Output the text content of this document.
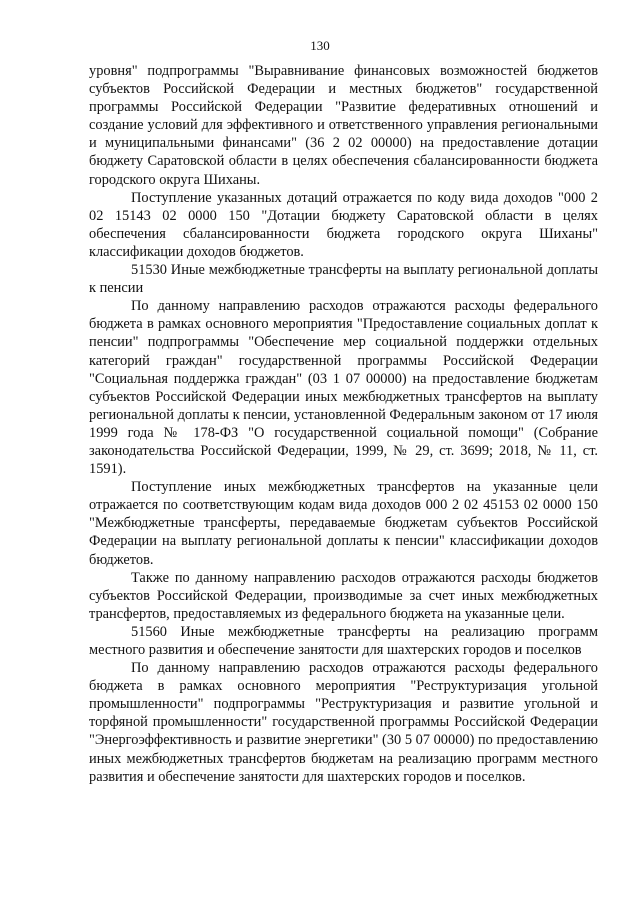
130

уровня" подпрограммы "Выравнивание финансовых возможностей бюджетов субъектов Российской Федерации и местных бюджетов" государственной программы Российской Федерации "Развитие федеративных отношений и создание условий для эффективного и ответственного управления региональными и муниципальными финансами" (36 2 02 00000) на предоставление дотации бюджету Саратовской области в целях обеспечения сбалансированности бюджета городского округа Шиханы.

Поступление указанных дотаций отражается по коду вида доходов "000 2 02 15143 02 0000 150 "Дотации бюджету Саратовской области в целях обеспечения сбалансированности бюджета городского округа Шиханы" классификации доходов бюджетов.

51530 Иные межбюджетные трансферты на выплату региональной доплаты к пенсии

По данному направлению расходов отражаются расходы федерального бюджета в рамках основного мероприятия "Предоставление социальных доплат к пенсии" подпрограммы "Обеспечение мер социальной поддержки отдельных категорий граждан" государственной программы Российской Федерации "Социальная поддержка граждан" (03 1 07 00000) на предоставление бюджетам субъектов Российской Федерации иных межбюджетных трансфертов на выплату региональной доплаты к пенсии, установленной Федеральным законом от 17 июля 1999 года № 178-ФЗ "О государственной социальной помощи" (Собрание законодательства Российской Федерации, 1999, № 29, ст. 3699; 2018, № 11, ст. 1591).

Поступление иных межбюджетных трансфертов на указанные цели отражается по соответствующим кодам вида доходов 000 2 02 45153 02 0000 150 "Межбюджетные трансферты, передаваемые бюджетам субъектов Российской Федерации на выплату региональной доплаты к пенсии" классификации доходов бюджетов.

Также по данному направлению расходов отражаются расходы бюджетов субъектов Российской Федерации, производимые за счет иных межбюджетных трансфертов, предоставляемых из федерального бюджета на указанные цели.

51560 Иные межбюджетные трансферты на реализацию программ местного развития и обеспечение занятости для шахтерских городов и поселков

По данному направлению расходов отражаются расходы федерального бюджета в рамках основного мероприятия "Реструктуризация угольной промышленности" подпрограммы "Реструктуризация и развитие угольной и торфяной промышленности" государственной программы Российской Федерации "Энергоэффективность и развитие энергетики" (30 5 07 00000) по предоставлению иных межбюджетных трансфертов бюджетам на реализацию программ местного развития и обеспечение занятости для шахтерских городов и поселков.
